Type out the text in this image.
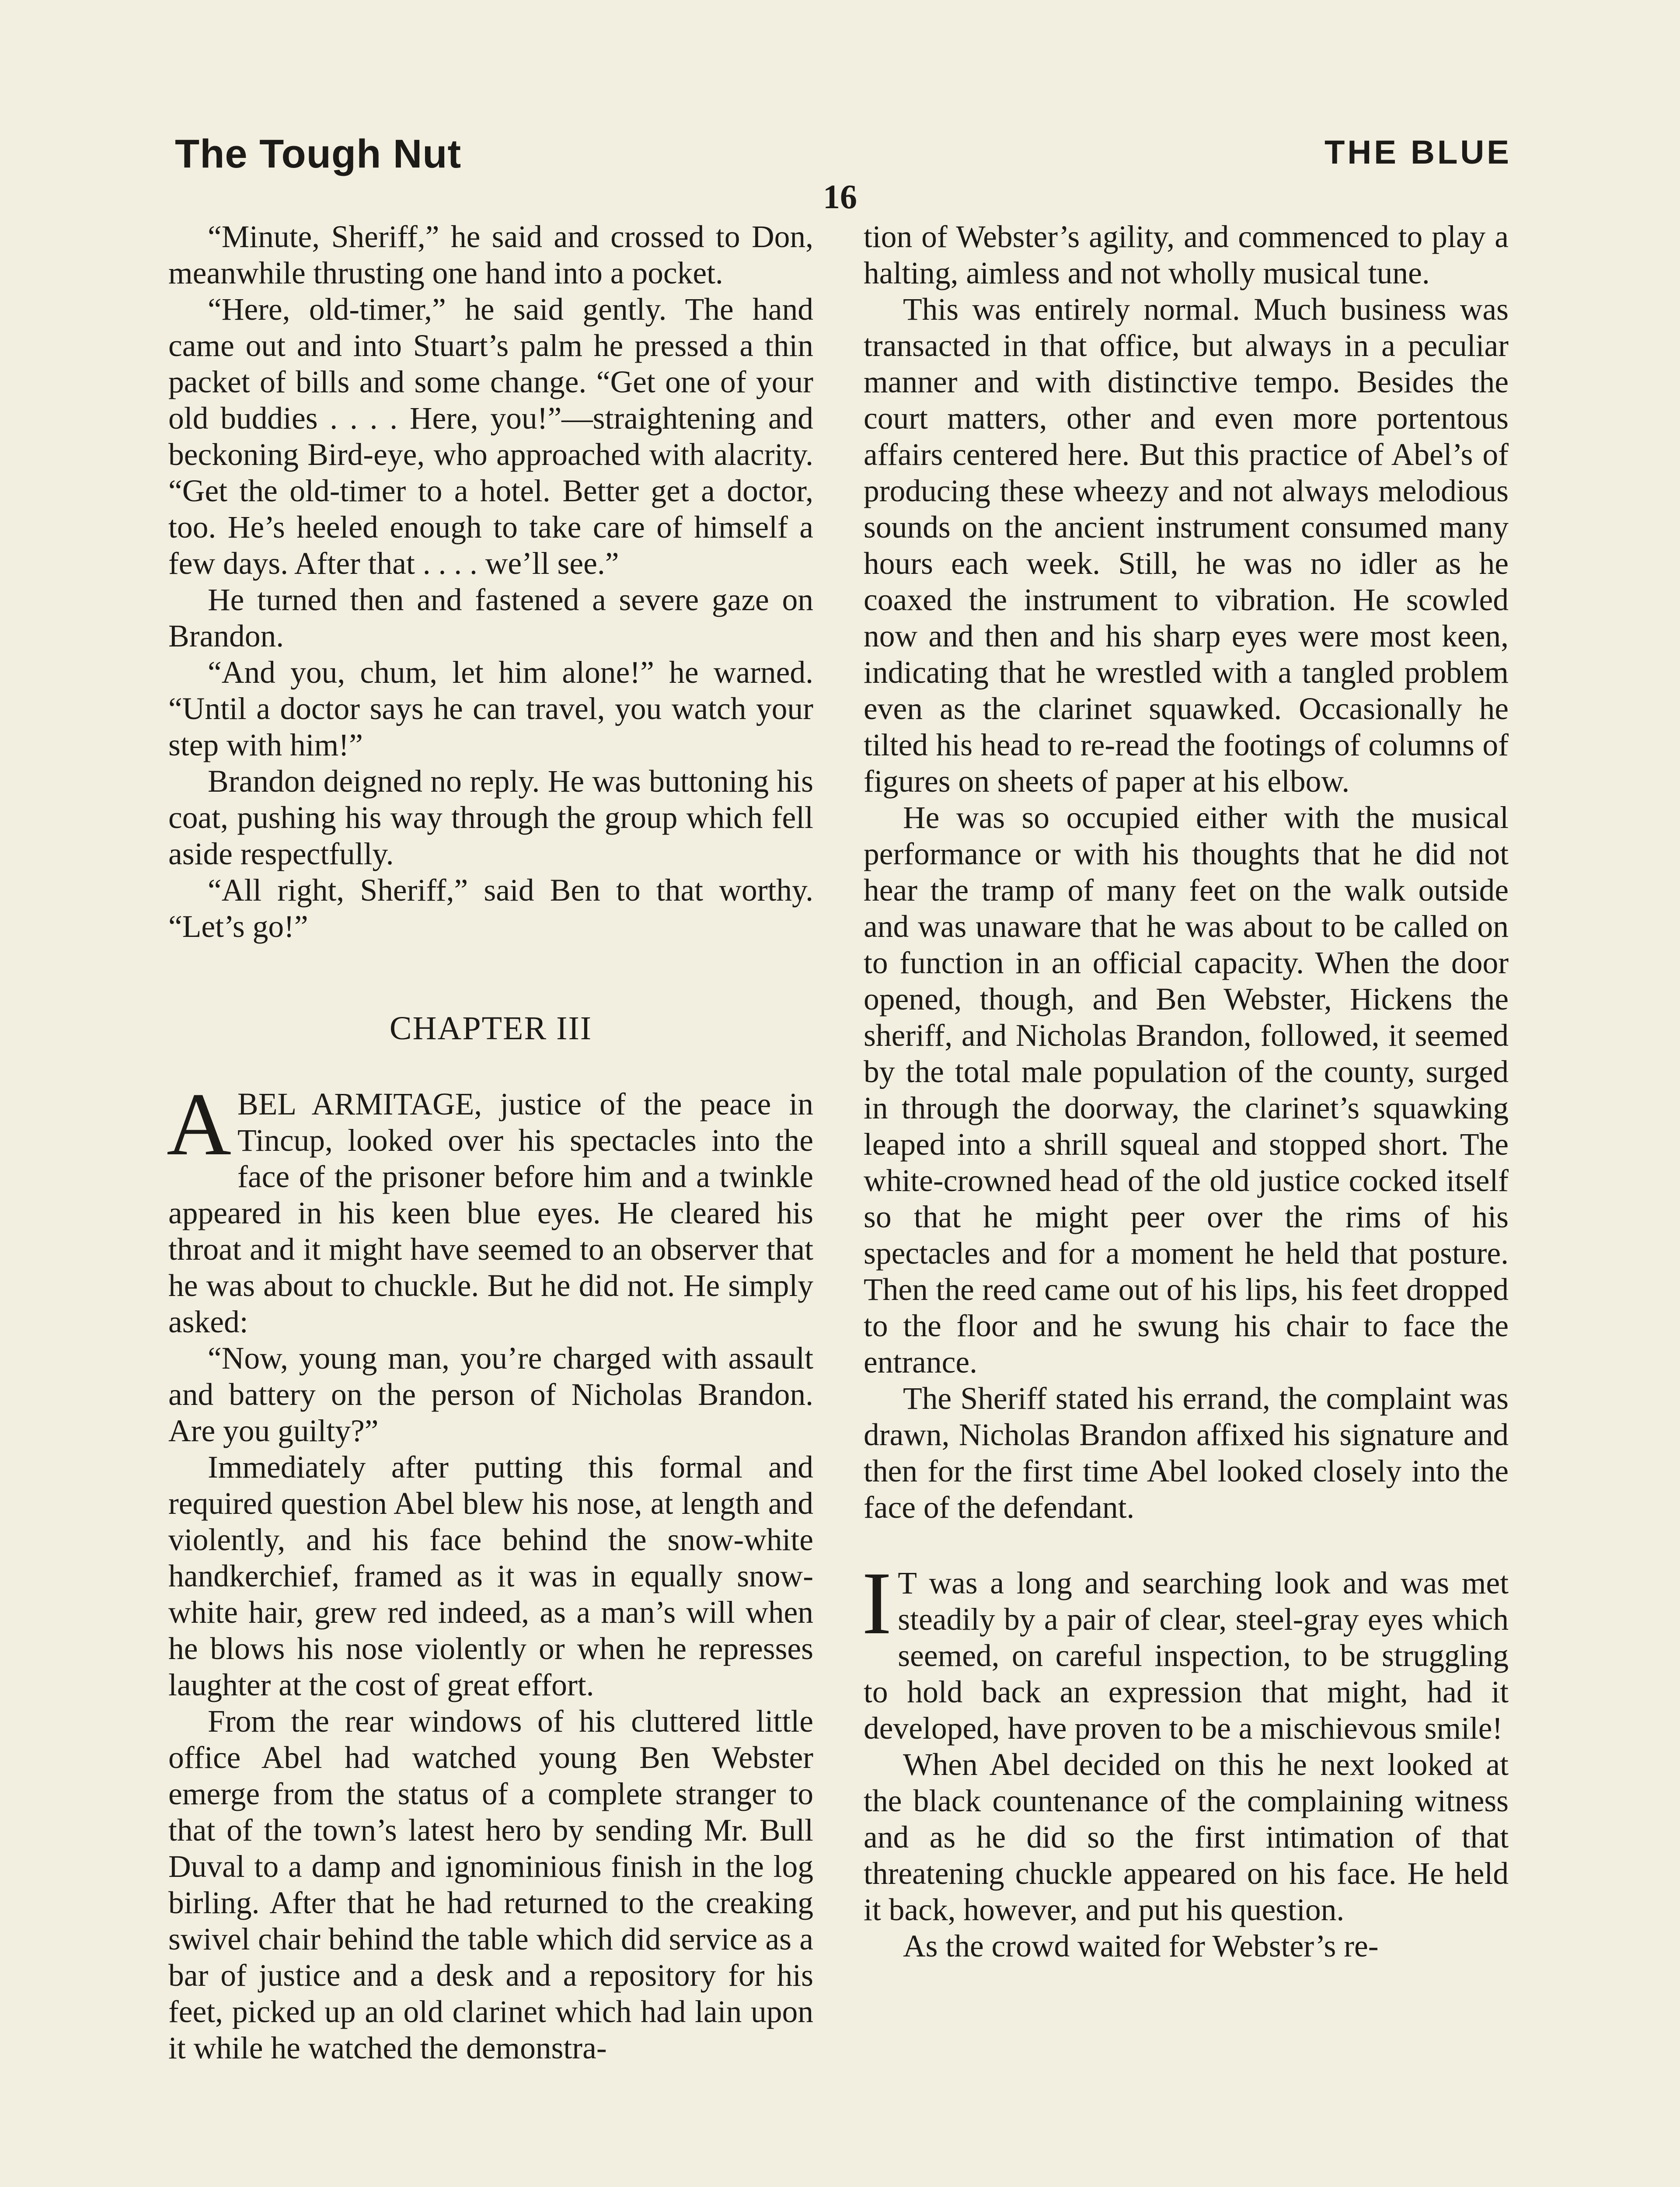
The Tough Nut	THE BLUE
16

“Minute, Sheriff,” he said and crossed to Don, meanwhile thrusting one hand into a pocket.

“Here, old-timer,” he said gently. The hand came out and into Stuart’s palm he pressed a thin packet of bills and some change. “Get one of your old buddies . . . . Here, you!”—straightening and beckoning Bird-eye, who approached with alacrity. “Get the old-timer to a hotel. Better get a doctor, too. He’s heeled enough to take care of himself a few days. After that . . . . we’ll see.”

He turned then and fastened a severe gaze on Brandon.

“And you, chum, let him alone!” he warned. “Until a doctor says he can travel, you watch your step with him!”

Brandon deigned no reply. He was buttoning his coat, pushing his way through the group which fell aside respectfully.

“All right, Sheriff,” said Ben to that worthy. “Let’s go!”

CHAPTER III

ABEL ARMITAGE, justice of the peace in Tincup, looked over his spectacles into the face of the prisoner before him and a twinkle appeared in his keen blue eyes. He cleared his throat and it might have seemed to an observer that he was about to chuckle. But he did not. He simply asked:

“Now, young man, you’re charged with assault and battery on the person of Nicholas Brandon. Are you guilty?”

Immediately after putting this formal and required question Abel blew his nose, at length and violently, and his face behind the snow-white handkerchief, framed as it was in equally snow-white hair, grew red indeed, as a man’s will when he blows his nose violently or when he represses laughter at the cost of great effort.

From the rear windows of his cluttered little office Abel had watched young Ben Webster emerge from the status of a complete stranger to that of the town’s latest hero by sending Mr. Bull Duval to a damp and ignominious finish in the log birling. After that he had returned to the creaking swivel chair behind the table which did service as a bar of justice and a desk and a repository for his feet, picked up an old clarinet which had lain upon it while he watched the demonstra-

tion of Webster’s agility, and commenced to play a halting, aimless and not wholly musical tune.

This was entirely normal. Much business was transacted in that office, but always in a peculiar manner and with distinctive tempo. Besides the court matters, other and even more portentous affairs centered here. But this practice of Abel’s of producing these wheezy and not always melodious sounds on the ancient instrument consumed many hours each week. Still, he was no idler as he coaxed the instrument to vibration. He scowled now and then and his sharp eyes were most keen, indicating that he wrestled with a tangled problem even as the clarinet squawked. Occasionally he tilted his head to re-read the footings of columns of figures on sheets of paper at his elbow.

He was so occupied either with the musical performance or with his thoughts that he did not hear the tramp of many feet on the walk outside and was unaware that he was about to be called on to function in an official capacity. When the door opened, though, and Ben Webster, Hickens the sheriff, and Nicholas Brandon, followed, it seemed by the total male population of the county, surged in through the doorway, the clarinet’s squawking leaped into a shrill squeal and stopped short. The white-crowned head of the old justice cocked itself so that he might peer over the rims of his spectacles and for a moment he held that posture. Then the reed came out of his lips, his feet dropped to the floor and he swung his chair to face the entrance.

The Sheriff stated his errand, the complaint was drawn, Nicholas Brandon affixed his signature and then for the first time Abel looked closely into the face of the defendant.

I T was a long and searching look and was met steadily by a pair of clear, steel-gray eyes which seemed, on careful inspection, to be struggling to hold back an expression that might, had it developed, have proven to be a mischievous smile!

When Abel decided on this he next looked at the black countenance of the complaining witness and as he did so the first intimation of that threatening chuckle appeared on his face. He held it back, however, and put his question.

As the crowd waited for Webster’s re-
